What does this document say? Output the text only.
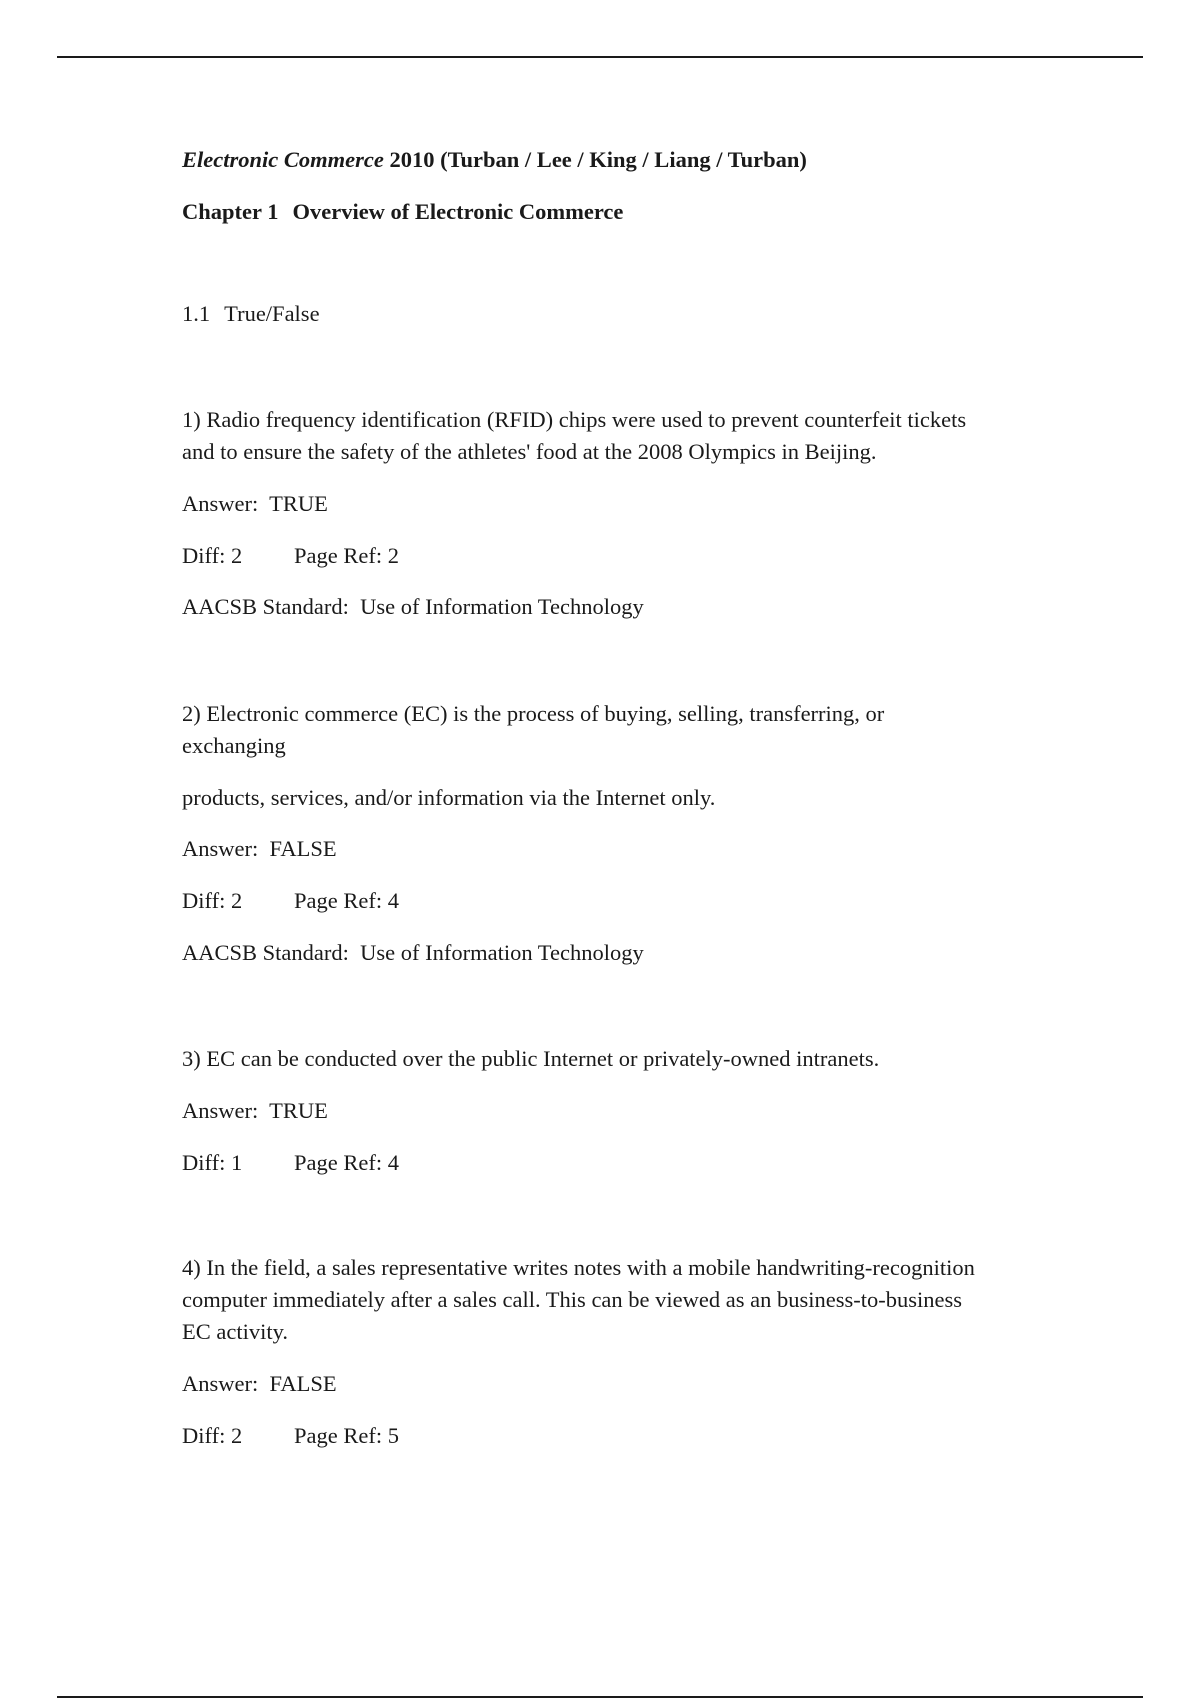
Electronic Commerce 2010 (Turban / Lee / King / Liang / Turban)
Chapter 1 Overview of Electronic Commerce
1.1 True/False
1) Radio frequency identification (RFID) chips were used to prevent counterfeit tickets
and to ensure the safety of the athletes' food at the 2008 Olympics in Beijing.
Answer: TRUE
Diff: 2 Page Ref: 2
AACSB Standard: Use of Information Technology
2) Electronic commerce (EC) is the process of buying, selling, transferring, or
exchanging
products, services, and/or information via the Internet only.
Answer: FALSE
Diff: 2 Page Ref: 4
AACSB Standard: Use of Information Technology
3) EC can be conducted over the public Internet or privately-owned intranets.
Answer: TRUE
Diff: 1 Page Ref: 4
4) In the field, a sales representative writes notes with a mobile handwriting-recognition
computer immediately after a sales call. This can be viewed as an business-to-business
EC activity.
Answer: FALSE
Diff: 2 Page Ref: 5
